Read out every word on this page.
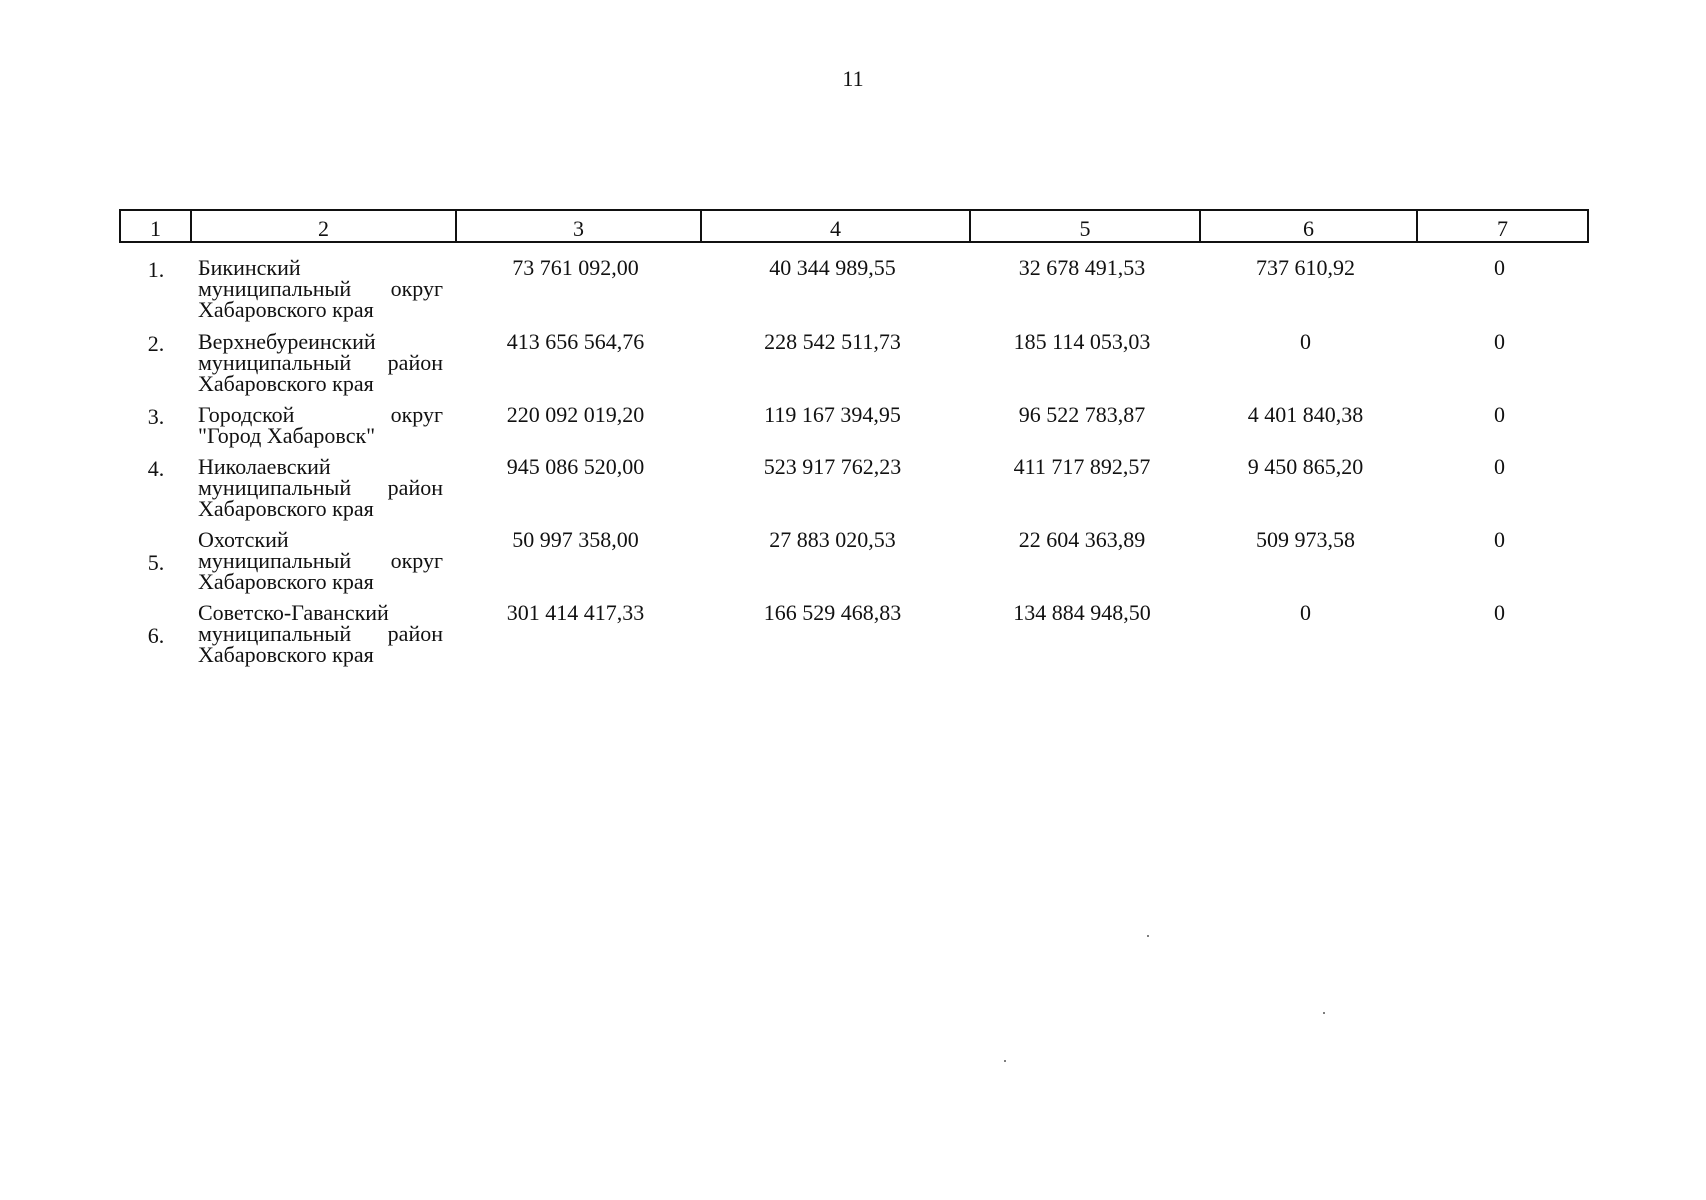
11
1	2	3	4	5	6	7
1.	Бикинский
муниципальный округ
Хабаровского края
73 761 092,00	40 344 989,55	32 678 491,53	737 610,92	0
2.	Верхнебуреинский
муниципальный район
Хабаровского края
413 656 564,76	228 542 511,73	185 114 053,03	0	0
3.	Городской округ
"Город Хабаровск"
220 092 019,20	119 167 394,95	96 522 783,87	4 401 840,38	0
4.	Николаевский
муниципальный район
Хабаровского края
945 086 520,00	523 917 762,23	411 717 892,57	9 450 865,20	0
5.
Охотский
муниципальный округ
Хабаровского края
50 997 358,00	27 883 020,53	22 604 363,89	509 973,58	0
6.
Советско-Гаванский
муниципальный район
Хабаровского края
301 414 417,33	166 529 468,83	134 884 948,50	0	0
